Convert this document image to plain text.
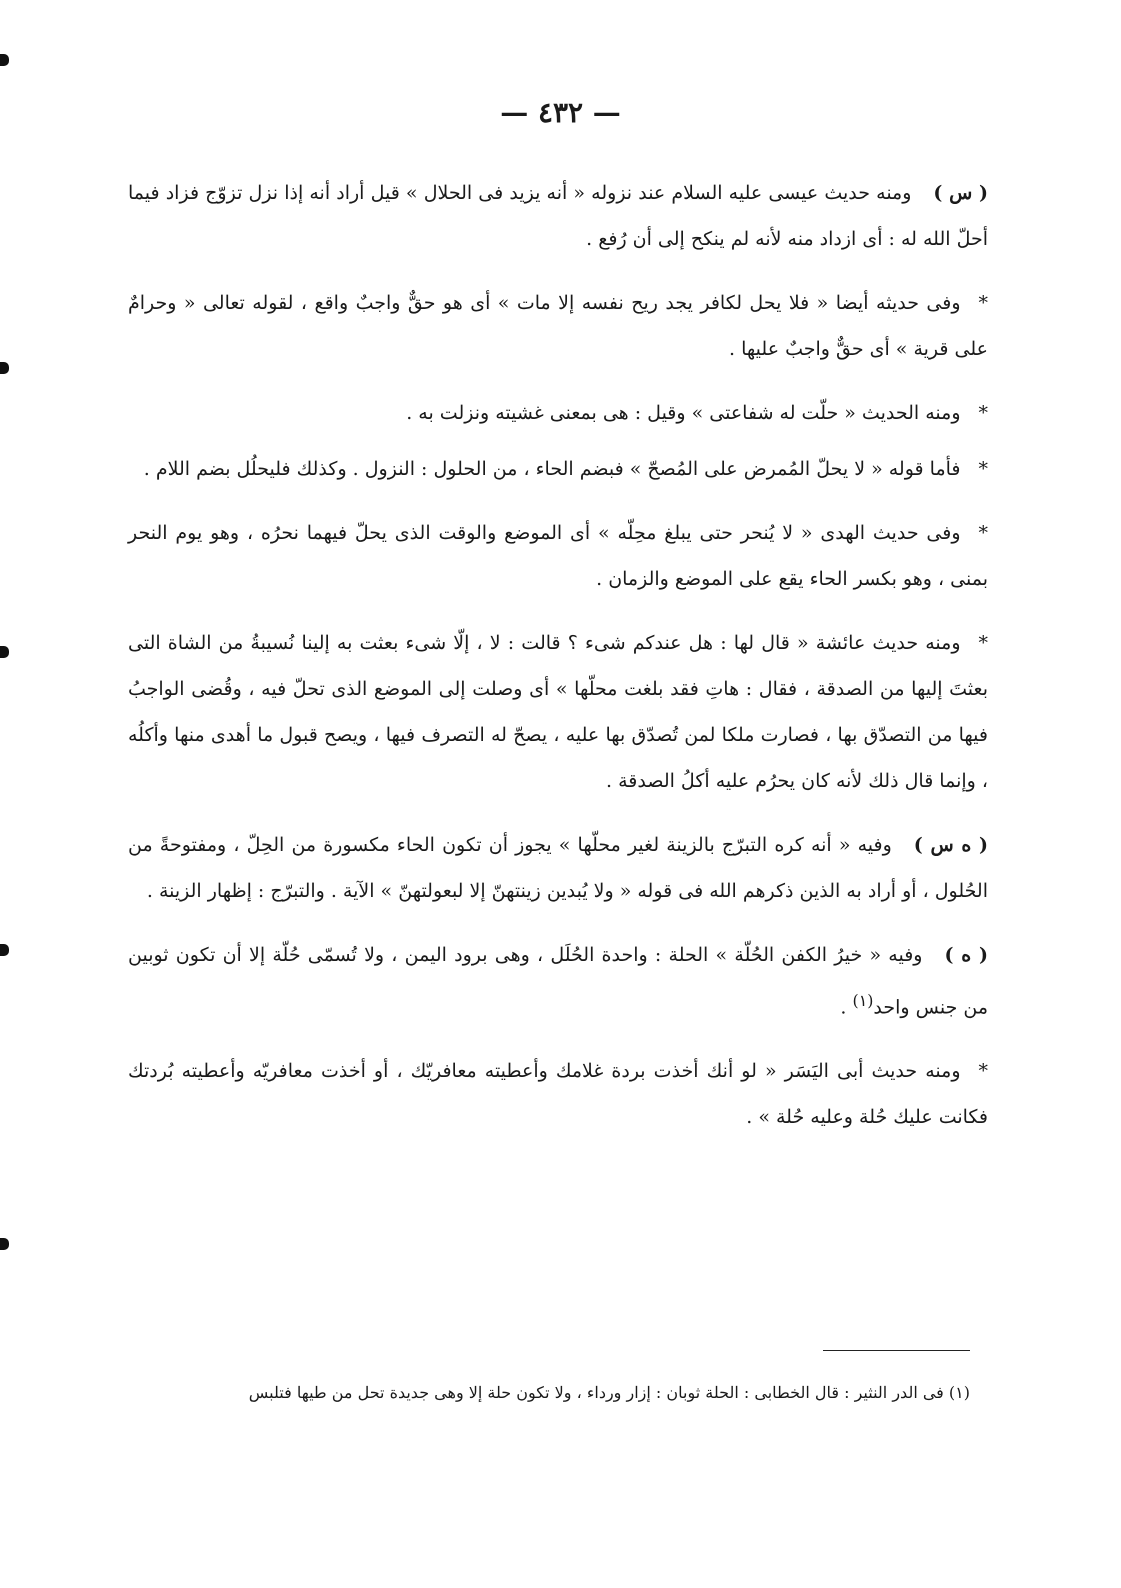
— ٤٣٢ —

( س )ومنه حديث عيسى عليه السلام عند نزوله « أنه يزيد فى الحلال » قيل أراد أنه إذا نزل تزوّج فزاد فيما أحلّ الله له : أى ازداد منه لأنه لم ينكح إلى أن رُفع .

*وفى حديثه أيضا « فلا يحل لكافر يجد ريح نفسه إلا مات » أى هو حقٌّ واجبٌ واقع ، لقوله تعالى « وحرامٌ على قرية » أى حقٌّ واجبٌ عليها .

*ومنه الحديث « حلّت له شفاعتى » وقيل : هى بمعنى غشيته ونزلت به .

*فأما قوله « لا يحلّ المُمرض على المُصحّ » فبضم الحاء ، من الحلول : النزول . وكذلك فليحلُل بضم اللام .

*وفى حديث الهدى « لا يُنحر حتى يبلغ محِلّه » أى الموضع والوقت الذى يحلّ فيهما نحرُه ، وهو يوم النحر بمنى ، وهو بكسر الحاء يقع على الموضع والزمان .

*ومنه حديث عائشة « قال لها : هل عندكم شىء ؟ قالت : لا ، إلّا شىء بعثت به إلينا نُسيبةُ من الشاة التى بعثتَ إليها من الصدقة ، فقال : هاتِ فقد بلغت محلّها » أى وصلت إلى الموضع الذى تحلّ فيه ، وقُضى الواجبُ فيها من التصدّق بها ، فصارت ملكا لمن تُصدّق بها عليه ، يصحّ له التصرف فيها ، ويصح قبول ما أهدى منها وأكلُه ، وإنما قال ذلك لأنه كان يحرُم عليه أكلُ الصدقة .

( ه س )وفيه « أنه كره التبرّج بالزينة لغير محلّها » يجوز أن تكون الحاء مكسورة من الحِلّ ، ومفتوحةً من الحُلول ، أو أراد به الذين ذكرهم الله فى قوله « ولا يُبدين زينتهنّ إلا لبعولتهنّ » الآية . والتبرّج : إظهار الزينة .

( ه )وفيه « خيرُ الكفن الحُلّة » الحلة : واحدة الحُلَل ، وهى برود اليمن ، ولا تُسمّى حُلّة إلا أن تكون ثوبين من جنس واحد$^{(١)}$ .

*ومنه حديث أبى اليَسَر « لو أنك أخذت بردة غلامك وأعطيته معافريّك ، أو أخذت معافريّه وأعطيته بُردتك فكانت عليك حُلة وعليه حُلة » .

(١) فى الدر النثير : قال الخطابى : الحلة ثوبان : إزار ورداء ، ولا تكون حلة إلا وهى جديدة تحل من طيها فتلبس
